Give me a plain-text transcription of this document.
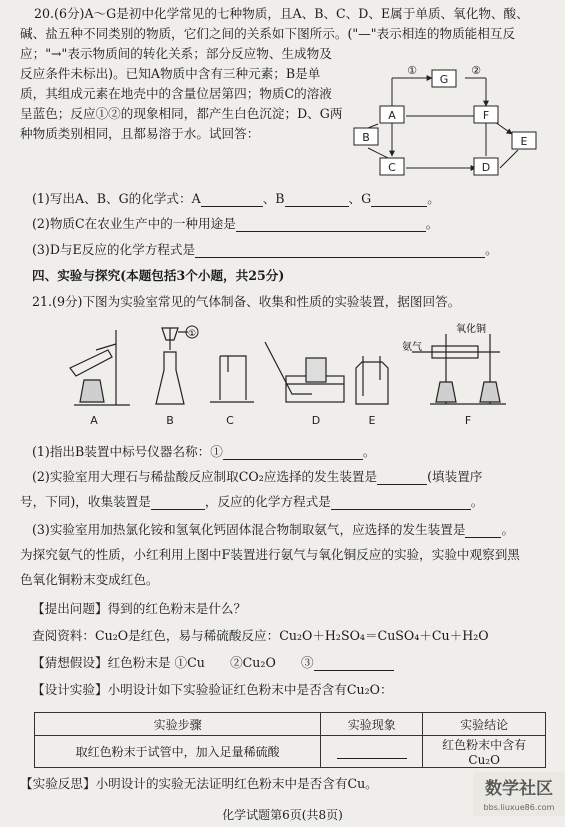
20.(6分)A～G是初中化学常见的七种物质，且A、B、C、D、E属于单质、氧化物、酸、
碱、盐五种不同类别的物质，它们之间的关系如下图所示。("—"表示相连的物质能相互反
应；"→"表示物质间的转化关系；部分反应物、生成物及
反应条件未标出)。已知A物质中含有三种元素；B是单
质，其组成元素在地壳中的含量位居第四；物质C的溶液
呈蓝色；反应①②的现象相同，都产生白色沉淀；D、G两
种物质类别相同，且都易溶于水。试回答：
G
A	F
B
C	D
E
①	②
(1)写出A、B、G的化学式：A	、B	、G	。
(2)物质C在农业生产中的一种用途是	。
(3)D与E反应的化学方程式是	。
四、实验与探究(本题包括3个小题，共25分)
21.(9分)下图为实验室常见的气体制备、收集和性质的实验装置，据图回答。
①
A	B	C	D	E	F
氨气
氧化铜
(1)指出B装置中标号仪器名称：①	。
(2)实验室用大理石与稀盐酸反应制取CO₂应选择的发生装置是	(填装置序
号，下同)，收集装置是	，反应的化学方程式是	。
(3)实验室用加热氯化铵和氢氧化钙固体混合物制取氨气，应选择的发生装置是	。
为探究氨气的性质，小红利用上图中F装置进行氨气与氧化铜反应的实验，实验中观察到黑
色氧化铜粉末变成红色。
【提出问题】得到的红色粉末是什么？
查阅资料：Cu₂O是红色，易与稀硫酸反应：Cu₂O＋H₂SO₄＝CuSO₄＋Cu＋H₂O
【猜想假设】红色粉末是 ①Cu　　②Cu₂O　　③
【设计实验】小明设计如下实验验证红色粉末中是否含有Cu₂O：
实验步骤	实验现象	实验结论
取红色粉末于试管中，加入足量稀硫酸		红色粉末中含有Cu₂O
【实验反思】小明设计的实验无法证明红色粉末中是否含有Cu。
化学试题第6页(共8页)
数学社区
bbs.liuxue86.com
